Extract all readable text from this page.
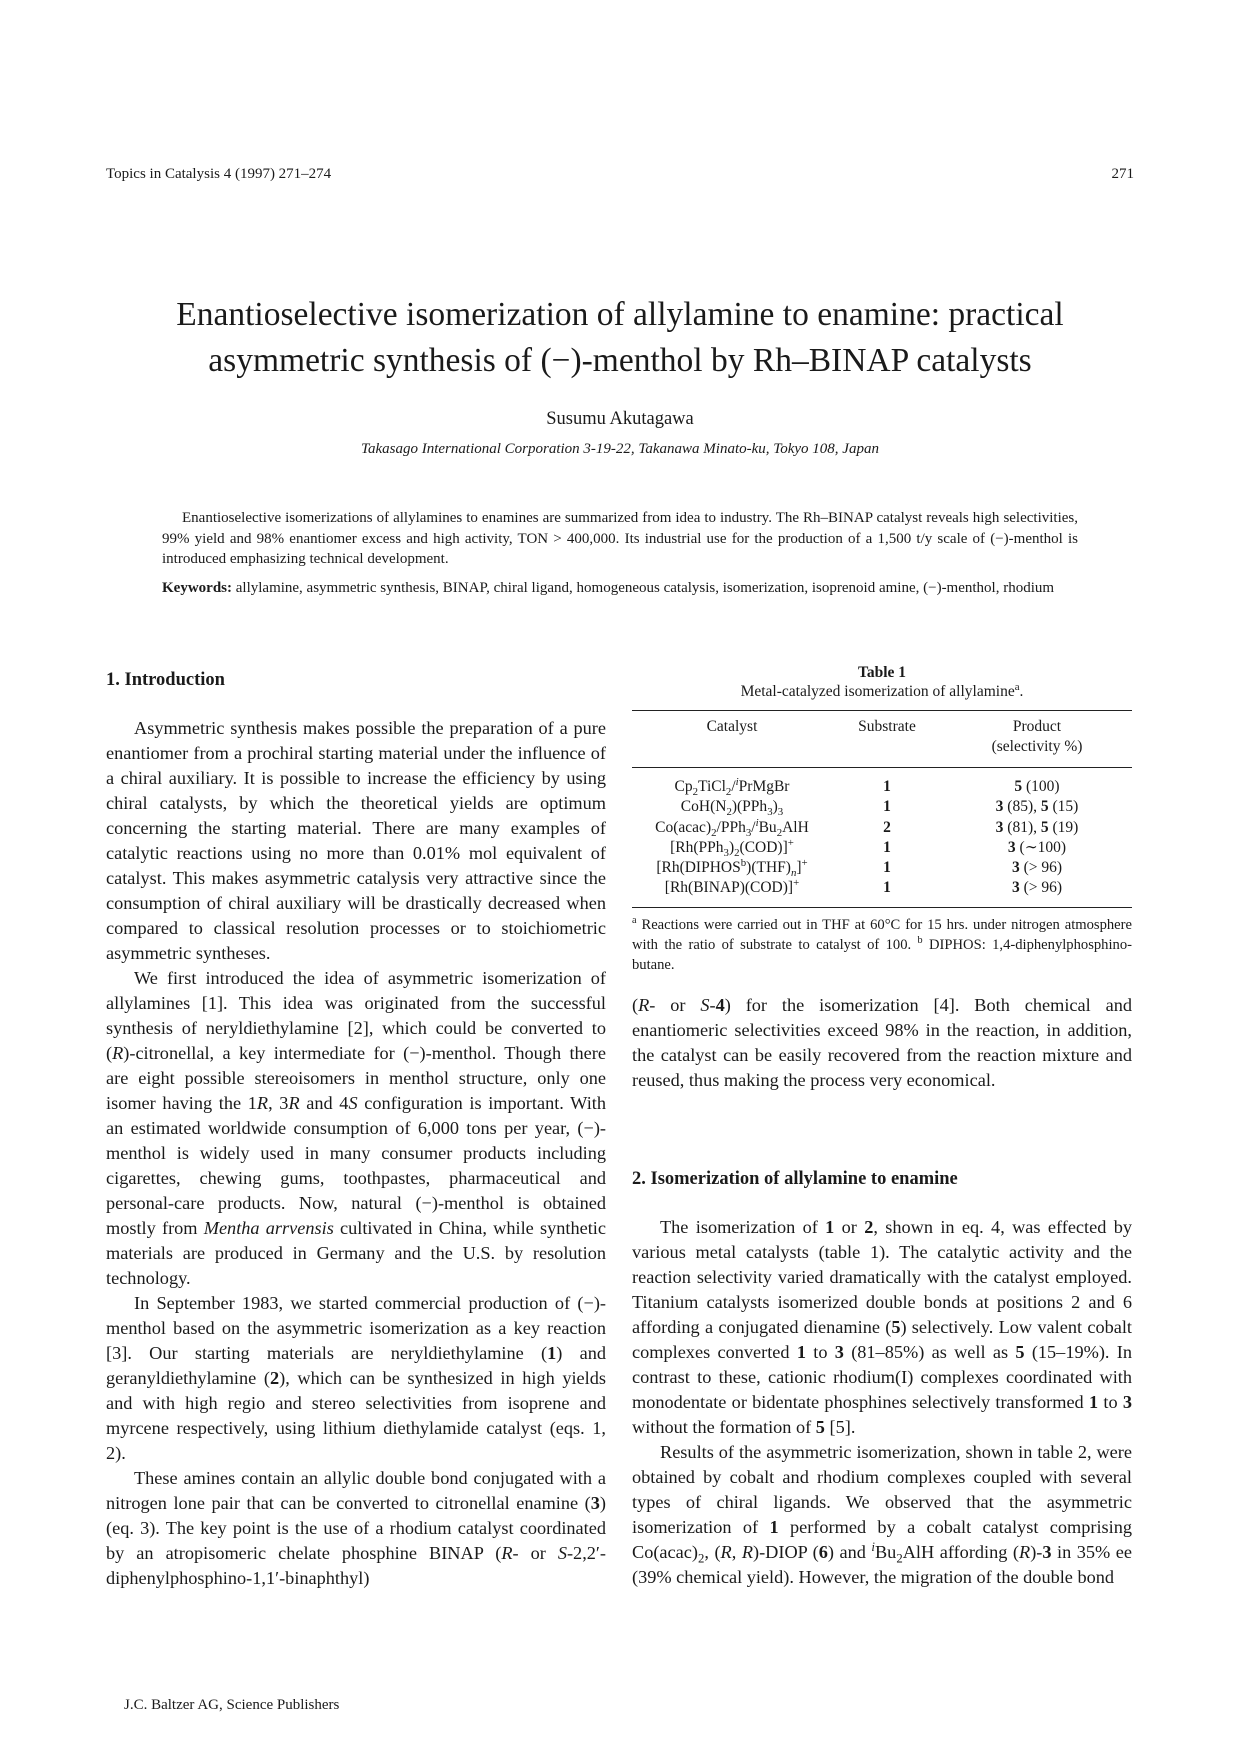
Topics in Catalysis 4 (1997) 271–274	271
Enantioselective isomerization of allylamine to enamine: practical
asymmetric synthesis of (−)-menthol by Rh–BINAP catalysts
Susumu Akutagawa
Takasago International Corporation 3-19-22, Takanawa Minato-ku, Tokyo 108, Japan
Enantioselective isomerizations of allylamines to enamines are summarized from idea to industry. The Rh–BINAP catalyst reveals high selectivities, 99% yield and 98% enantiomer excess and high activity, TON > 400,000. Its industrial use for the production of a 1,500 t/y scale of (−)-menthol is introduced emphasizing technical development.
Keywords: allylamine, asymmetric synthesis, BINAP, chiral ligand, homogeneous catalysis, isomerization, isoprenoid amine, (−)-menthol, rhodium
1. Introduction

Asymmetric synthesis makes possible the preparation of a pure enantiomer from a prochiral starting material under the influence of a chiral auxiliary. It is possible to increase the efficiency by using chiral catalysts, by which the theoretical yields are optimum concerning the starting material. There are many examples of catalytic reactions using no more than 0.01% mol equivalent of catalyst. This makes asymmetric catalysis very attractive since the consumption of chiral auxiliary will be drastically decreased when compared to classical resolution processes or to stoichiometric asymmetric syntheses.

We first introduced the idea of asymmetric isomerization of allylamines [1]. This idea was originated from the successful synthesis of neryldiethylamine [2], which could be converted to (R)-citronellal, a key intermediate for (−)-menthol. Though there are eight possible stereoisomers in menthol structure, only one isomer having the 1R, 3R and 4S configuration is important. With an estimated worldwide consumption of 6,000 tons per year, (−)-menthol is widely used in many consumer products including cigarettes, chewing gums, toothpastes, pharmaceutical and personal-care products. Now, natural (−)-menthol is obtained mostly from Mentha arrvensis cultivated in China, while synthetic materials are produced in Germany and the U.S. by resolution technology.

In September 1983, we started commercial production of (−)-menthol based on the asymmetric isomerization as a key reaction [3]. Our starting materials are neryldiethylamine (1) and geranyldiethylamine (2), which can be synthesized in high yields and with high regio and stereo selectivities from isoprene and myrcene respectively, using lithium diethylamide catalyst (eqs. 1, 2).

These amines contain an allylic double bond conjugated with a nitrogen lone pair that can be converted to citronellal enamine (3) (eq. 3). The key point is the use of a rhodium catalyst coordinated by an atropisomeric chelate phosphine BINAP (R- or S-2,2′-diphenylphosphino-1,1′-binaphthyl)

Table 1
Metal-catalyzed isomerization of allylamine$^a$.
Catalyst	Substrate	Product
(selectivity %)

$Cp_2TiCl_2/^iPrMgBr$	1	5 (100)
$CoH(N_2)(PPh_3)_3$	1	3 (85), 5 (15)
$Co(acac)_2/PPh_3/^iBu_2AlH$	2	3 (81), 5 (19)
$[Rh(PPh_3)_2(COD)]^+$	1	3 (∼100)
$[Rh(DIPHOS^b)(THF)_n]^+$	1	3 (> 96)
[Rh(BINAP)(COD)]+	1	3 (> 96)
$^a$ Reactions were carried out in THF at 60°C for 15 hrs. under nitrogen atmosphere with the ratio of substrate to catalyst of 100. $^b$ DIPHOS: 1,4-diphenylphosphino-butane.

(R- or S-4) for the isomerization [4]. Both chemical and enantiomeric selectivities exceed 98% in the reaction, in addition, the catalyst can be easily recovered from the reaction mixture and reused, thus making the process very economical.

2. Isomerization of allylamine to enamine

The isomerization of 1 or 2, shown in eq. 4, was effected by various metal catalysts (table 1). The catalytic activity and the reaction selectivity varied dramatically with the catalyst employed. Titanium catalysts isomerized double bonds at positions 2 and 6 affording a conjugated dienamine (5) selectively. Low valent cobalt complexes converted 1 to 3 (81–85%) as well as 5 (15–19%). In contrast to these, cationic rhodium(I) complexes coordinated with monodentate or bidentate phosphines selectively transformed 1 to 3 without the formation of 5 [5].

Results of the asymmetric isomerization, shown in table 2, were obtained by cobalt and rhodium complexes coupled with several types of chiral ligands. We observed that the asymmetric isomerization of 1 performed by a cobalt catalyst comprising $Co(acac)_2$, (R, R)-DIOP (6) and $^iBu_2AlH$ affording (R)-3 in 35% ee (39% chemical yield). However, the migration of the double bond

J.C. Baltzer AG, Science Publishers
